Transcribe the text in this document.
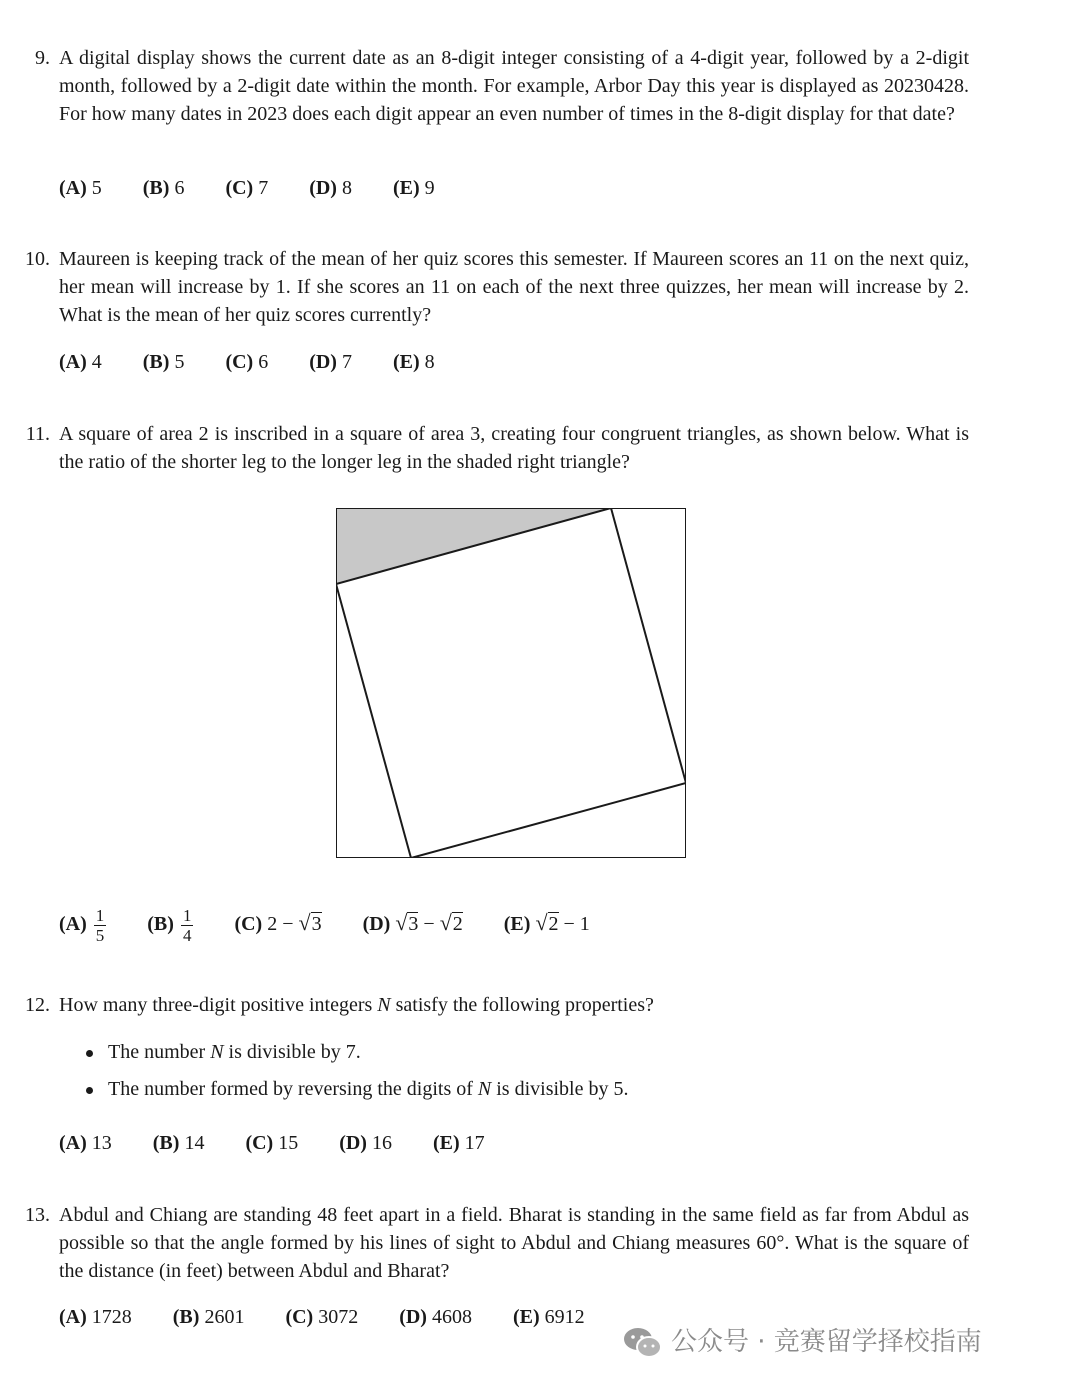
9. A digital display shows the current date as an 8-digit integer consisting of a 4-digit year, followed by a 2-digit month, followed by a 2-digit date within the month. For example, Arbor Day this year is displayed as 20230428. For how many dates in 2023 does each digit appear an even number of times in the 8-digit display for that date?
(A) 5 (B) 6 (C) 7 (D) 8 (E) 9
10. Maureen is keeping track of the mean of her quiz scores this semester. If Maureen scores an 11 on the next quiz, her mean will increase by 1. If she scores an 11 on each of the next three quizzes, her mean will increase by 2. What is the mean of her quiz scores currently?
(A) 4 (B) 5 (C) 6 (D) 7 (E) 8
11. A square of area 2 is inscribed in a square of area 3, creating four congruent triangles, as shown below. What is the ratio of the shorter leg to the longer leg in the shaded right triangle?
$(A) \frac{1}{5} (B) \frac{1}{4} (C) 2 - √3$ (D) √3 − √2 (E) √2 − 1
12. How many three-digit positive integers N satisfy the following properties?
The number N is divisible by 7.
The number formed by reversing the digits of N is divisible by 5.
(A) 13 (B) 14 (C) 15 (D) 16 (E) 17
13. Abdul and Chiang are standing 48 feet apart in a field. Bharat is standing in the same field as far from Abdul as possible so that the angle formed by his lines of sight to Abdul and Chiang measures 60°. What is the square of the distance (in feet) between Abdul and Bharat?
(A) 1728 (B) 2601 (C) 3072 (D) 4608 (E) 6912
公众号 · 竞赛留学择校指南
